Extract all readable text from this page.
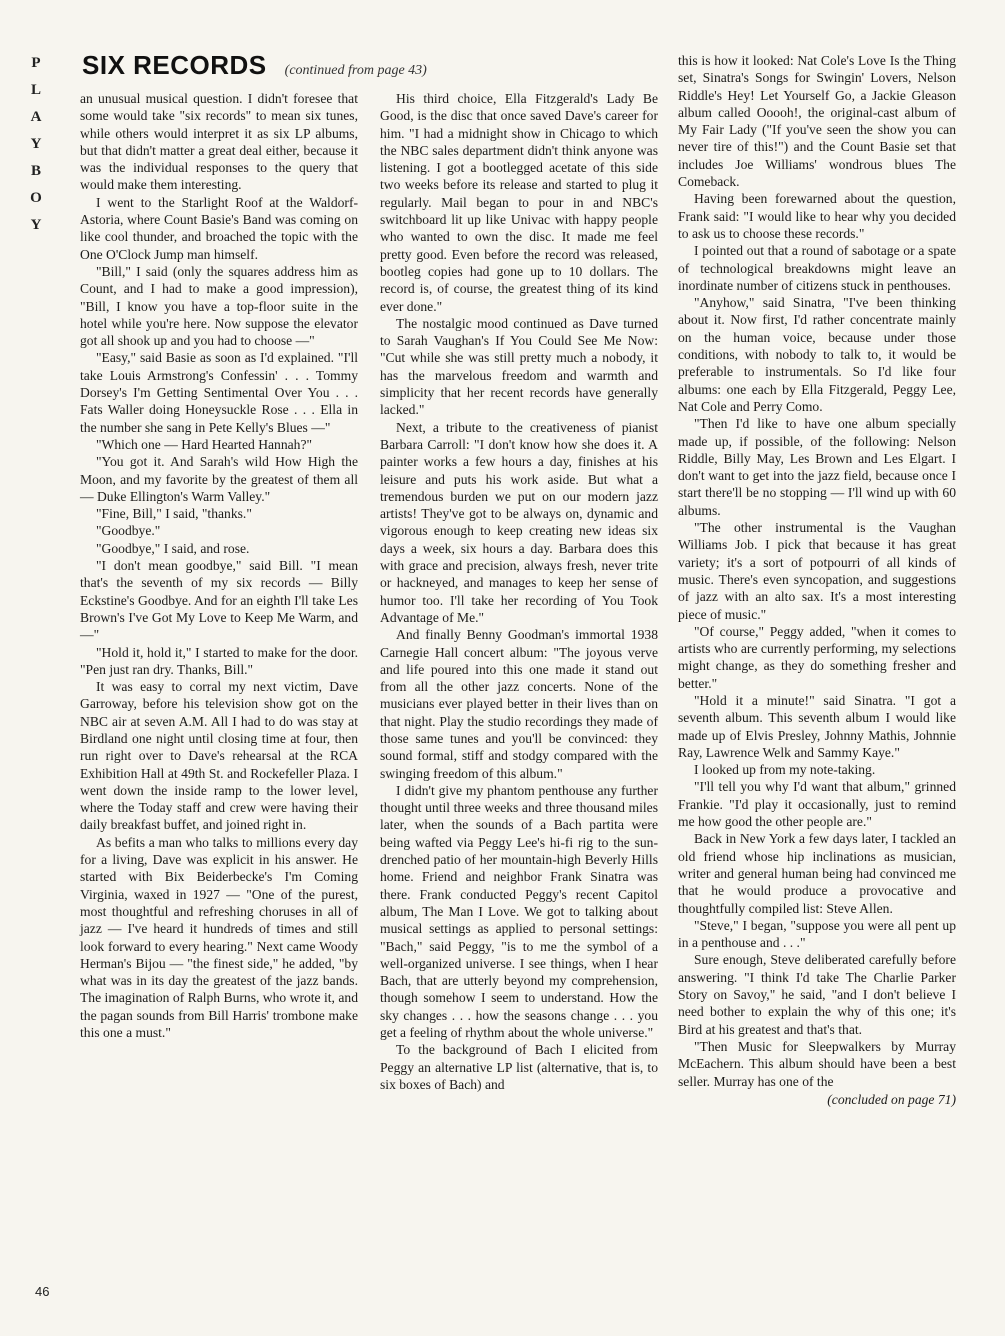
P
L
A
Y
B
O
Y
SIX RECORDS (continued from page 43)

an unusual musical question. I didn't foresee that some would take "six records" to mean six tunes, while others would interpret it as six LP albums, but that didn't matter a great deal either, because it was the individual responses to the query that would make them interesting.

I went to the Starlight Roof at the Waldorf-Astoria, where Count Basie's Band was coming on like cool thunder, and broached the topic with the One O'Clock Jump man himself.

"Bill," I said (only the squares address him as Count, and I had to make a good impression), "Bill, I know you have a top-floor suite in the hotel while you're here. Now suppose the elevator got all shook up and you had to choose —"

"Easy," said Basie as soon as I'd explained. "I'll take Louis Armstrong's Confessin' . . . Tommy Dorsey's I'm Getting Sentimental Over You . . . Fats Waller doing Honeysuckle Rose . . . Ella in the number she sang in Pete Kelly's Blues —"

"Which one — Hard Hearted Hannah?"

"You got it. And Sarah's wild How High the Moon, and my favorite by the greatest of them all — Duke Ellington's Warm Valley."

"Fine, Bill," I said, "thanks."

"Goodbye."

"Goodbye," I said, and rose.

"I don't mean goodbye," said Bill. "I mean that's the seventh of my six records — Billy Eckstine's Goodbye. And for an eighth I'll take Les Brown's I've Got My Love to Keep Me Warm, and —"

"Hold it, hold it," I started to make for the door. "Pen just ran dry. Thanks, Bill."

It was easy to corral my next victim, Dave Garroway, before his television show got on the NBC air at seven A.M. All I had to do was stay at Birdland one night until closing time at four, then run right over to Dave's rehearsal at the RCA Exhibition Hall at 49th St. and Rockefeller Plaza. I went down the inside ramp to the lower level, where the Today staff and crew were having their daily breakfast buffet, and joined right in.

As befits a man who talks to millions every day for a living, Dave was explicit in his answer. He started with Bix Beiderbecke's I'm Coming Virginia, waxed in 1927 — "One of the purest, most thoughtful and refreshing choruses in all of jazz — I've heard it hundreds of times and still look forward to every hearing." Next came Woody Herman's Bijou — "the finest side," he added, "by what was in its day the greatest of the jazz bands. The imagination of Ralph Burns, who wrote it, and the pagan sounds from Bill Harris' trombone make this one a must."

His third choice, Ella Fitzgerald's Lady Be Good, is the disc that once saved Dave's career for him. "I had a midnight show in Chicago to which the NBC sales department didn't think anyone was listening. I got a bootlegged acetate of this side two weeks before its release and started to plug it regularly. Mail began to pour in and NBC's switchboard lit up like Univac with happy people who wanted to own the disc. It made me feel pretty good. Even before the record was released, bootleg copies had gone up to 10 dollars. The record is, of course, the greatest thing of its kind ever done."

The nostalgic mood continued as Dave turned to Sarah Vaughan's If You Could See Me Now: "Cut while she was still pretty much a nobody, it has the marvelous freedom and warmth and simplicity that her recent records have generally lacked."

Next, a tribute to the creativeness of pianist Barbara Carroll: "I don't know how she does it. A painter works a few hours a day, finishes at his leisure and puts his work aside. But what a tremendous burden we put on our modern jazz artists! They've got to be always on, dynamic and vigorous enough to keep creating new ideas six days a week, six hours a day. Barbara does this with grace and precision, always fresh, never trite or hackneyed, and manages to keep her sense of humor too. I'll take her recording of You Took Advantage of Me."

And finally Benny Goodman's immortal 1938 Carnegie Hall concert album: "The joyous verve and life poured into this one made it stand out from all the other jazz concerts. None of the musicians ever played better in their lives than on that night. Play the studio recordings they made of those same tunes and you'll be convinced: they sound formal, stiff and stodgy compared with the swinging freedom of this album."

I didn't give my phantom penthouse any further thought until three weeks and three thousand miles later, when the sounds of a Bach partita were being wafted via Peggy Lee's hi-fi rig to the sun-drenched patio of her mountain-high Beverly Hills home. Friend and neighbor Frank Sinatra was there. Frank conducted Peggy's recent Capitol album, The Man I Love. We got to talking about musical settings as applied to personal settings: "Bach," said Peggy, "is to me the symbol of a well-organized universe. I see things, when I hear Bach, that are utterly beyond my comprehension, though somehow I seem to understand. How the sky changes . . . how the seasons change . . . you get a feeling of rhythm about the whole universe."

To the background of Bach I elicited from Peggy an alternative LP list (alternative, that is, to six boxes of Bach) and

this is how it looked: Nat Cole's Love Is the Thing set, Sinatra's Songs for Swingin' Lovers, Nelson Riddle's Hey! Let Yourself Go, a Jackie Gleason album called Ooooh!, the original-cast album of My Fair Lady ("If you've seen the show you can never tire of this!") and the Count Basie set that includes Joe Williams' wondrous blues The Comeback.

Having been forewarned about the question, Frank said: "I would like to hear why you decided to ask us to choose these records."

I pointed out that a round of sabotage or a spate of technological breakdowns might leave an inordinate number of citizens stuck in penthouses.

"Anyhow," said Sinatra, "I've been thinking about it. Now first, I'd rather concentrate mainly on the human voice, because under those conditions, with nobody to talk to, it would be preferable to instrumentals. So I'd like four albums: one each by Ella Fitzgerald, Peggy Lee, Nat Cole and Perry Como.

"Then I'd like to have one album specially made up, if possible, of the following: Nelson Riddle, Billy May, Les Brown and Les Elgart. I don't want to get into the jazz field, because once I start there'll be no stopping — I'll wind up with 60 albums.

"The other instrumental is the Vaughan Williams Job. I pick that because it has great variety; it's a sort of potpourri of all kinds of music. There's even syncopation, and suggestions of jazz with an alto sax. It's a most interesting piece of music."

"Of course," Peggy added, "when it comes to artists who are currently performing, my selections might change, as they do something fresher and better."

"Hold it a minute!" said Sinatra. "I got a seventh album. This seventh album I would like made up of Elvis Presley, Johnny Mathis, Johnnie Ray, Lawrence Welk and Sammy Kaye."

I looked up from my note-taking.

"I'll tell you why I'd want that album," grinned Frankie. "I'd play it occasionally, just to remind me how good the other people are."

Back in New York a few days later, I tackled an old friend whose hip inclinations as musician, writer and general human being had convinced me that he would produce a provocative and thoughtfully compiled list: Steve Allen.

"Steve," I began, "suppose you were all pent up in a penthouse and . . ."

Sure enough, Steve deliberated carefully before answering. "I think I'd take The Charlie Parker Story on Savoy," he said, "and I don't believe I need bother to explain the why of this one; it's Bird at his greatest and that's that.

"Then Music for Sleepwalkers by Murray McEachern. This album should have been a best seller. Murray has one of the

(concluded on page 71)

46
